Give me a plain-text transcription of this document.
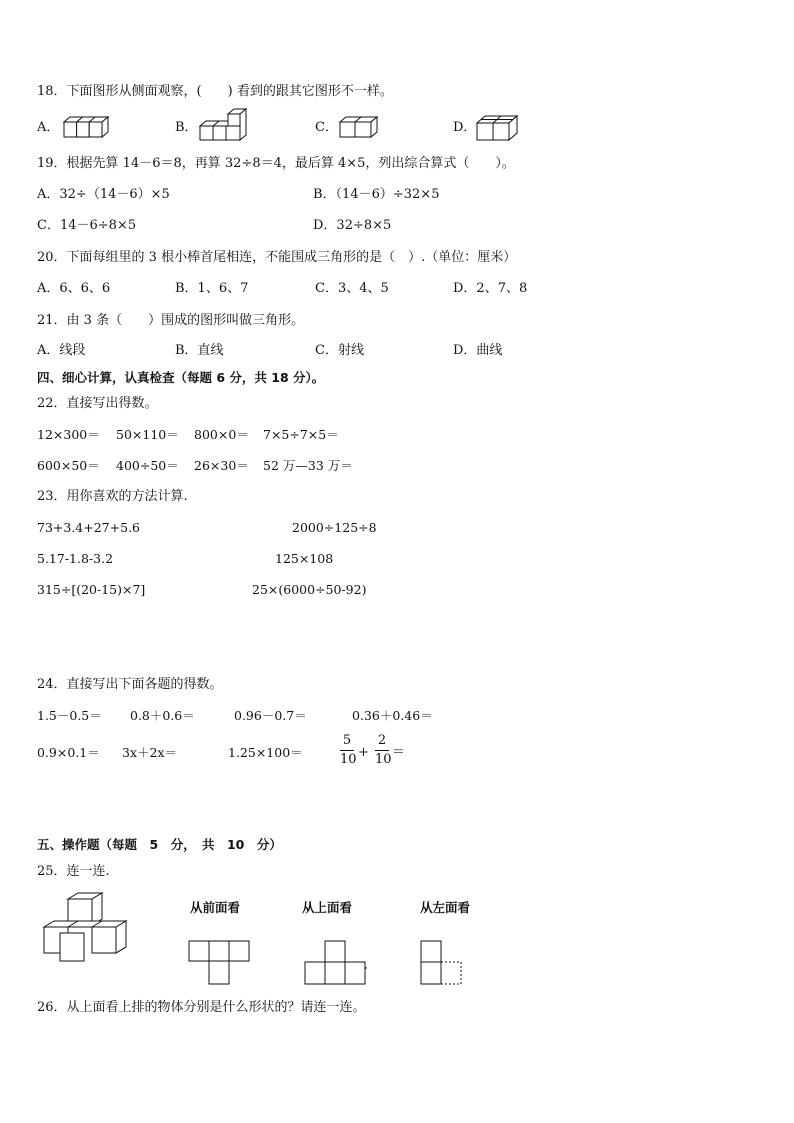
18．下面图形从侧面观察，(　　) 看到的跟其它图形不一样。
A．	B．	C．	D．
19．根据先算 14－6＝8，再算 32÷8＝4，最后算 4×5，列出综合算式（　　）。
A．32÷（14－6）×5	B．（14－6）÷32×5
C．14－6÷8×5	D．32÷8×5
20．下面每组里的 3 根小棒首尾相连，不能围成三角形的是（　）.（单位：厘米）
A．6、6、6	B．1、6、7	C．3、4、5	D．2、7、8
21．由 3 条（　　）围成的图形叫做三角形。
A．线段	B．直线	C．射线	D．曲线
四、细心计算，认真检查（每题 6 分，共 18 分）。
22．直接写出得数。
12×300＝ 50×110＝ 800×0＝ 7×5÷7×5＝
600×50＝ 400÷50＝ 26×30＝ 52 万—33 万＝
23．用你喜欢的方法计算.
73+3.4+27+5.6	2000÷125÷8
5.17-1.8-3.2	125×108
315÷[(20-15)×7]	25×(6000÷50-92)
24．直接写出下面各题的得数。
1.5－0.5＝ 0.8＋0.6＝	0.96－0.7＝	0.36＋0.46＝
0.9×0.1＝ 3x＋2x＝	1.25×100＝
5
10 +
2
10 ＝
五、操作题（每题　5　分，　共　10　分）
25．连一连.
从前面看	从上面看	从左面看
26．从上面看上排的物体分别是什么形状的？请连一连。
